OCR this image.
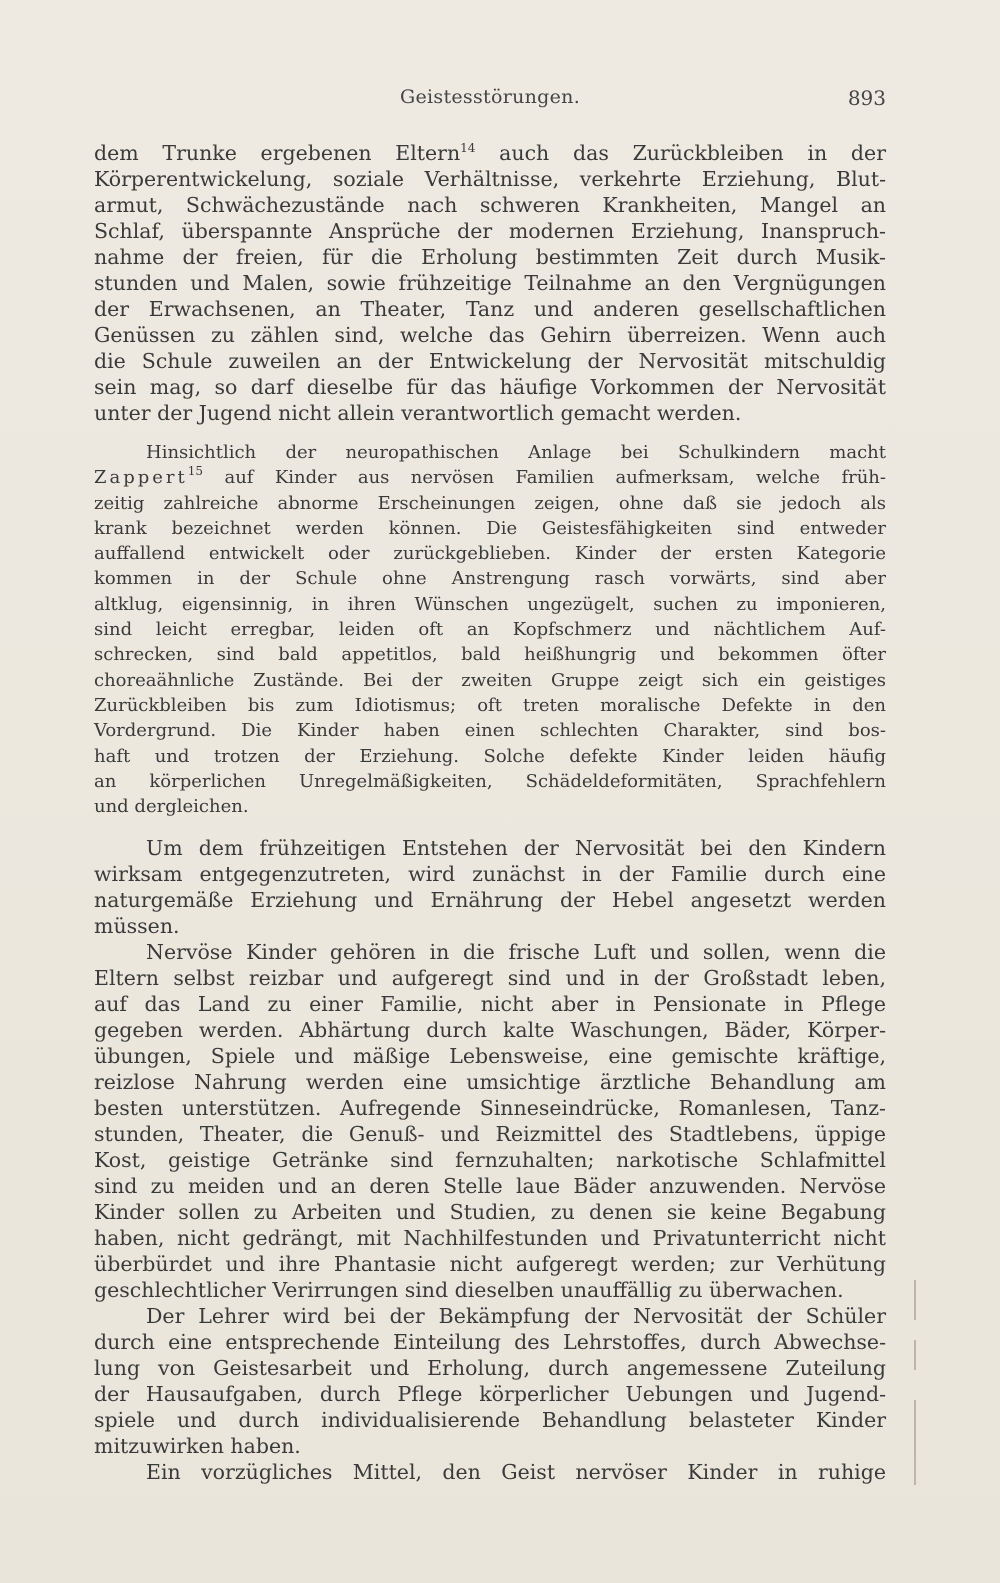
Geistesstörungen.	893
dem Trunke ergebenen Eltern$^{14}$ auch das Zurückbleiben in der
Körperentwickelung, soziale Verhältnisse, verkehrte Erziehung, Blut-
armut, Schwächezustände nach schweren Krankheiten, Mangel an
Schlaf, überspannte Ansprüche der modernen Erziehung, Inanspruch-
nahme der freien, für die Erholung bestimmten Zeit durch Musik-
stunden und Malen, sowie frühzeitige Teilnahme an den Vergnügungen
der Erwachsenen, an Theater, Tanz und anderen gesellschaftlichen
Genüssen zu zählen sind, welche das Gehirn überreizen. Wenn auch
die Schule zuweilen an der Entwickelung der Nervosität mitschuldig
sein mag, so darf dieselbe für das häufige Vorkommen der Nervosität
unter der Jugend nicht allein verantwortlich gemacht werden.
Hinsichtlich der neuropathischen Anlage bei Schulkindern macht
Zappert$^{15}$ auf Kinder aus nervösen Familien aufmerksam, welche früh-
zeitig zahlreiche abnorme Erscheinungen zeigen, ohne daß sie jedoch als
krank bezeichnet werden können. Die Geistesfähigkeiten sind entweder
auffallend entwickelt oder zurückgeblieben. Kinder der ersten Kategorie
kommen in der Schule ohne Anstrengung rasch vorwärts, sind aber
altklug, eigensinnig, in ihren Wünschen ungezügelt, suchen zu imponieren,
sind leicht erregbar, leiden oft an Kopfschmerz und nächtlichem Auf-
schrecken, sind bald appetitlos, bald heißhungrig und bekommen öfter
choreaähnliche Zustände. Bei der zweiten Gruppe zeigt sich ein geistiges
Zurückbleiben bis zum Idiotismus; oft treten moralische Defekte in den
Vordergrund. Die Kinder haben einen schlechten Charakter, sind bos-
haft und trotzen der Erziehung. Solche defekte Kinder leiden häufig
an körperlichen Unregelmäßigkeiten, Schädeldeformitäten, Sprachfehlern
und dergleichen.
Um dem frühzeitigen Entstehen der Nervosität bei den Kindern
wirksam entgegenzutreten, wird zunächst in der Familie durch eine
naturgemäße Erziehung und Ernährung der Hebel angesetzt werden
müssen.
Nervöse Kinder gehören in die frische Luft und sollen, wenn die
Eltern selbst reizbar und aufgeregt sind und in der Großstadt leben,
auf das Land zu einer Familie, nicht aber in Pensionate in Pflege
gegeben werden. Abhärtung durch kalte Waschungen, Bäder, Körper-
übungen, Spiele und mäßige Lebensweise, eine gemischte kräftige,
reizlose Nahrung werden eine umsichtige ärztliche Behandlung am
besten unterstützen. Aufregende Sinneseindrücke, Romanlesen, Tanz-
stunden, Theater, die Genuß- und Reizmittel des Stadtlebens, üppige
Kost, geistige Getränke sind fernzuhalten; narkotische Schlafmittel
sind zu meiden und an deren Stelle laue Bäder anzuwenden. Nervöse
Kinder sollen zu Arbeiten und Studien, zu denen sie keine Begabung
haben, nicht gedrängt, mit Nachhilfestunden und Privatunterricht nicht
überbürdet und ihre Phantasie nicht aufgeregt werden; zur Verhütung
geschlechtlicher Verirrungen sind dieselben unauffällig zu überwachen.
Der Lehrer wird bei der Bekämpfung der Nervosität der Schüler
durch eine entsprechende Einteilung des Lehrstoffes, durch Abwechse-
lung von Geistesarbeit und Erholung, durch angemessene Zuteilung
der Hausaufgaben, durch Pflege körperlicher Uebungen und Jugend-
spiele und durch individualisierende Behandlung belasteter Kinder
mitzuwirken haben.
Ein vorzügliches Mittel, den Geist nervöser Kinder in ruhige
